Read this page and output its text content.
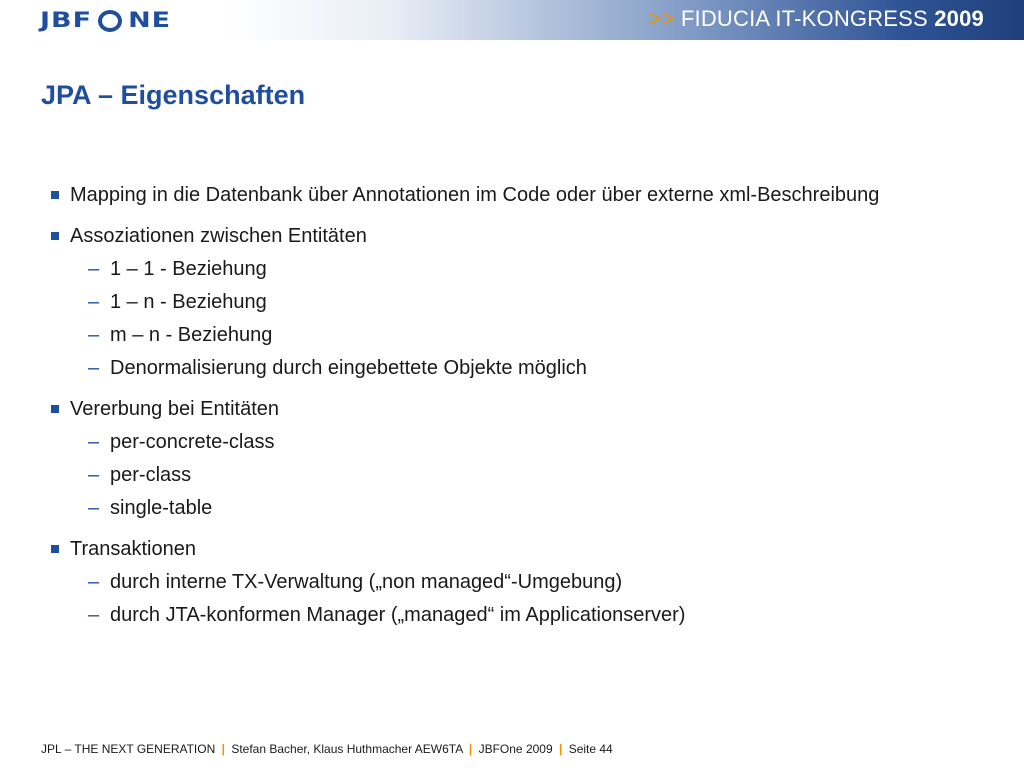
JBF NE	>> FIDUCIA IT-KONGRESS 2009
JPA – Eigenschaften
Mapping in die Datenbank über Annotationen im Code oder über externe xml-Beschreibung
Assoziationen zwischen Entitäten
– 1 – 1 - Beziehung
– 1 – n - Beziehung
– m – n - Beziehung
– Denormalisierung durch eingebettete Objekte möglich
Vererbung bei Entitäten
– per-concrete-class
– per-class
– single-table
Transaktionen
– durch interne TX-Verwaltung („non managed“-Umgebung)
– durch JTA-konformen Manager („managed“ im Applicationserver)
JPL – THE NEXT GENERATION | Stefan Bacher, Klaus Huthmacher AEW6TA | JBFOne 2009 | Seite 44
